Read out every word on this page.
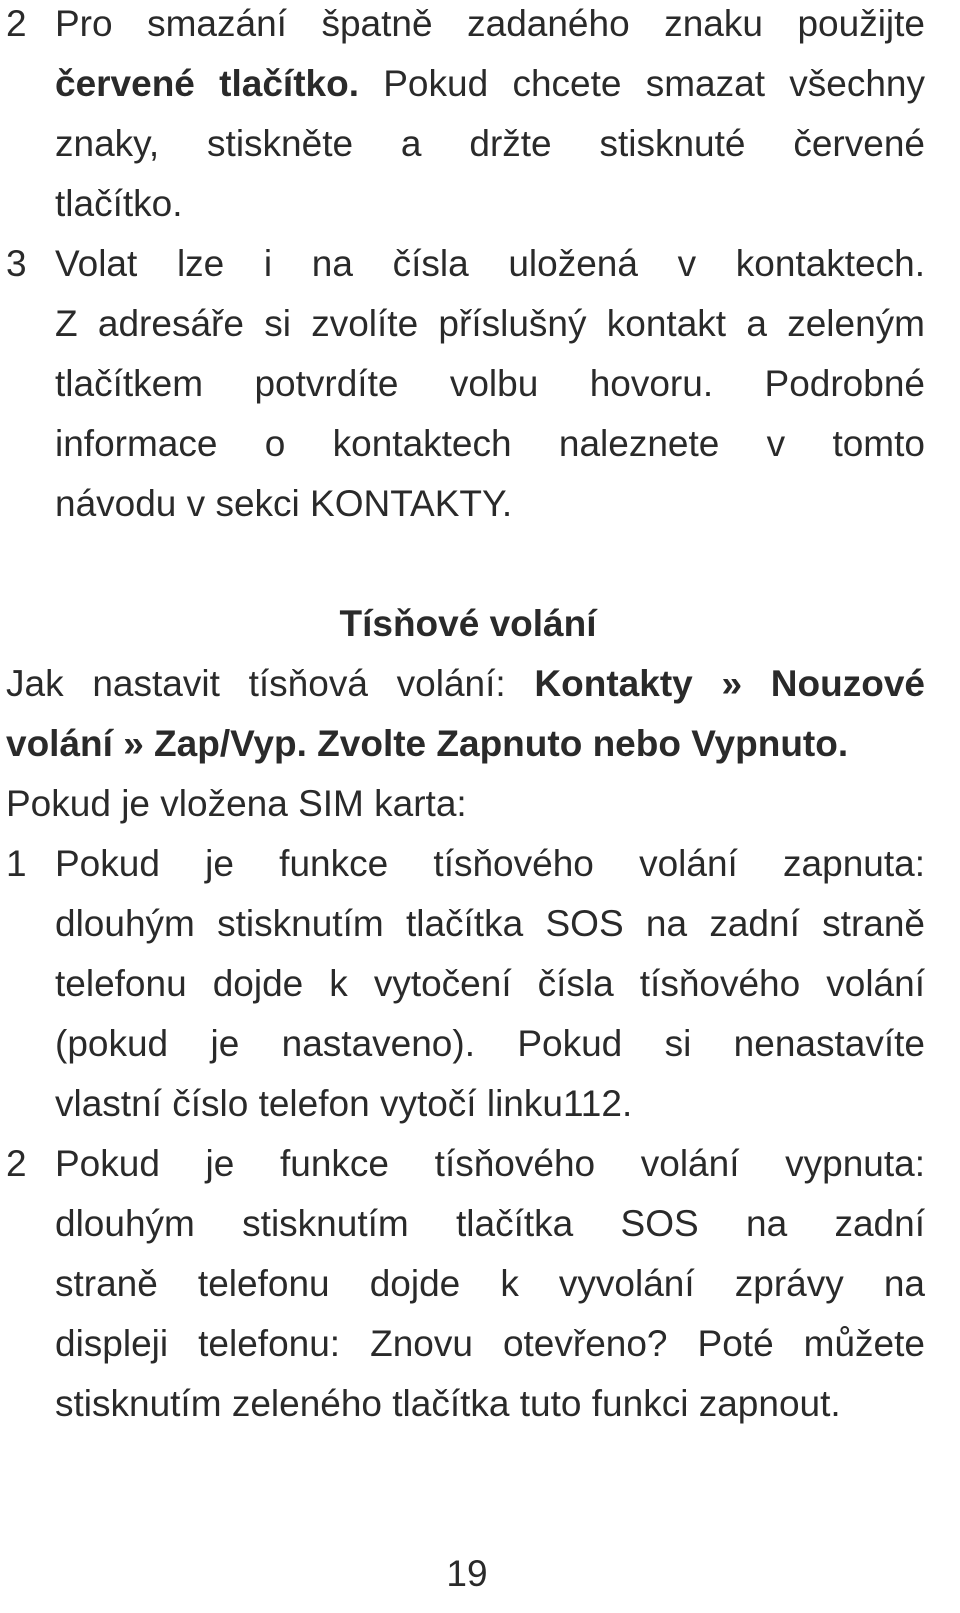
2 Pro smazání špatně zadaného znaku použijte

červené tlačítko. Pokud chcete smazat všechny

znaky, stiskněte a držte stisknuté červené

tlačítko.

3 Volat lze i na čísla uložená v kontaktech.

Z adresáře si zvolíte příslušný kontakt a zeleným

tlačítkem potvrdíte volbu hovoru. Podrobné

informace o kontaktech naleznete v tomto

návodu v sekci KONTAKTY.

Tísňové volání

Jak nastavit tísňová volání: Kontakty » Nouzové

volání » Zap/Vyp. Zvolte Zapnuto nebo Vypnuto.

Pokud je vložena SIM karta:

1 Pokud je funkce tísňového volání zapnuta:

dlouhým stisknutím tlačítka SOS na zadní straně

telefonu dojde k vytočení čísla tísňového volání

(pokud je nastaveno). Pokud si nenastavíte

vlastní číslo telefon vytočí linku112.

2 Pokud je funkce tísňového volání vypnuta:

dlouhým stisknutím tlačítka SOS na zadní

straně telefonu dojde k vyvolání zprávy na

displeji telefonu: Znovu otevřeno? Poté můžete

stisknutím zeleného tlačítka tuto funkci zapnout.

19
